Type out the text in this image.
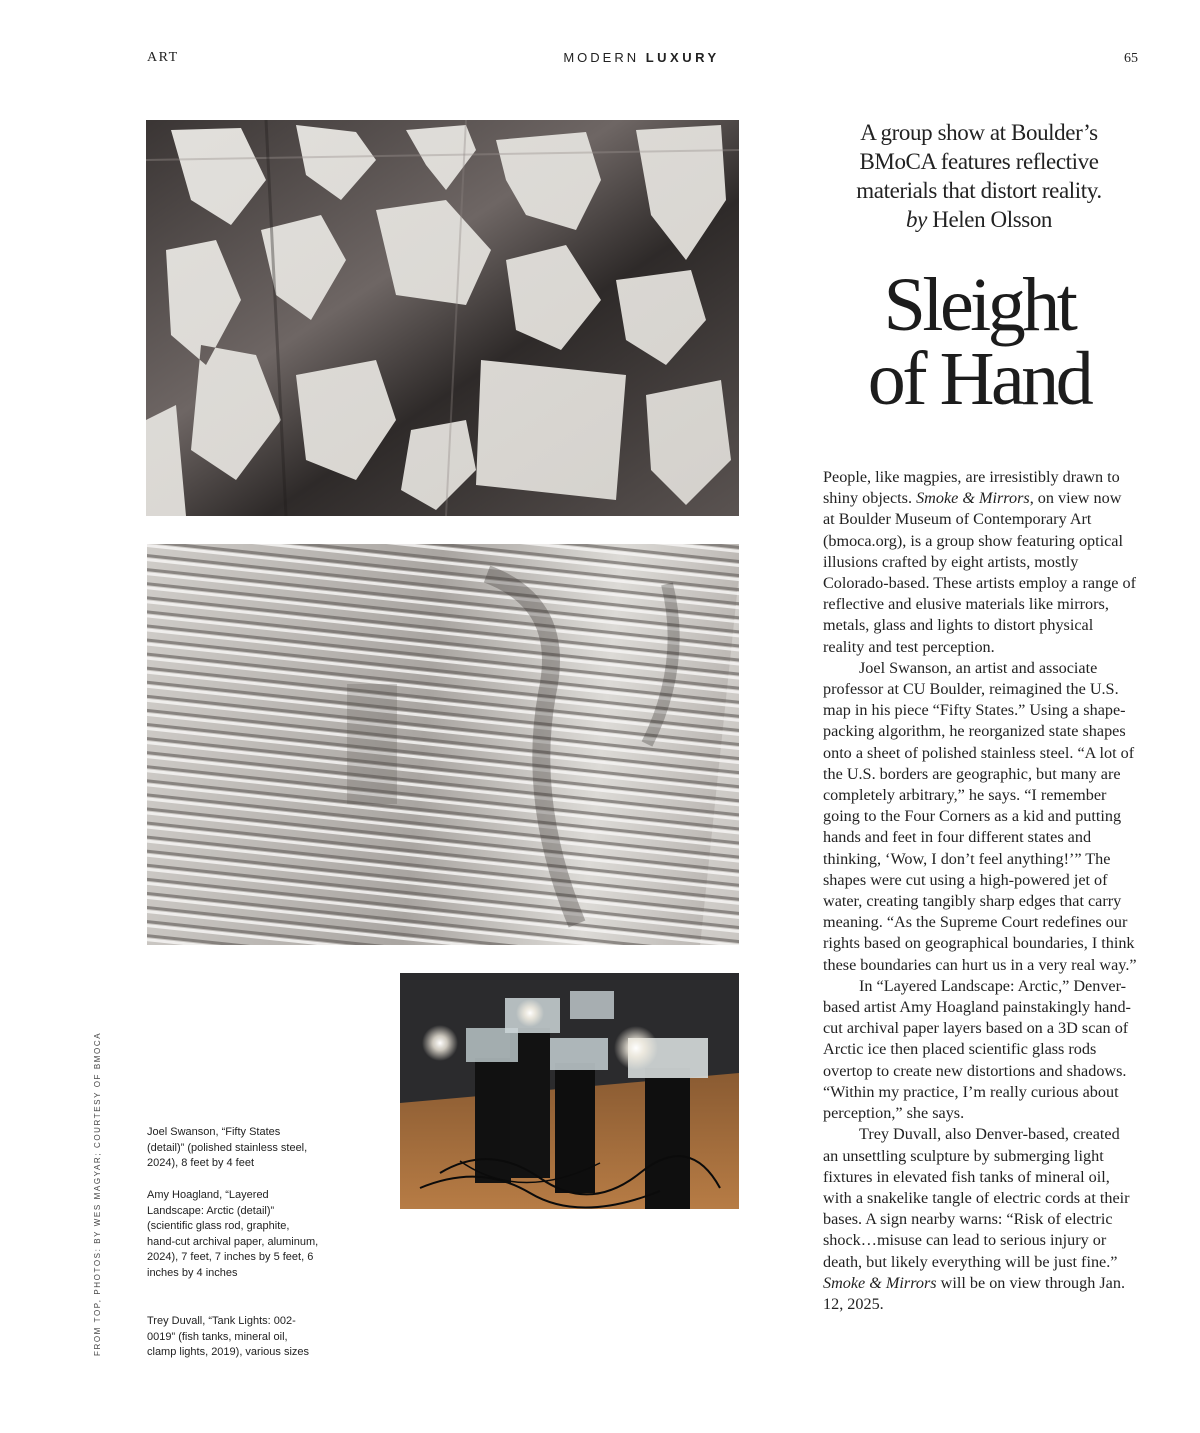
ART	MODERN LUXURY	65
FROM TOP, PHOTOS: BY WES MAGYAR; COURTESY OF BMOCA	Joel Swanson, “Fifty States (detail)” (polished stainless steel, 2024), 8 feet by 4 feet
Amy Hoagland, “Layered Landscape: Arctic (detail)” (scientific glass rod, graphite, hand-cut archival paper, aluminum, 2024), 7 feet, 7 inches by 5 feet, 6 inches by 4 inches
Trey Duvall, “Tank Lights: 002-0019” (fish tanks, mineral oil, clamp lights, 2019), various sizes
A group show at Boulder’s BMoCA features reflective materials that distort reality.
by Helen Olsson
Sleight
of Hand

People, like magpies, are irresistibly drawn to shiny objects. Smoke & Mirrors, on view now at Boulder Museum of Contemporary Art (bmoca.org), is a group show featuring optical illusions crafted by eight artists, mostly Colorado-based. These artists employ a range of reflective and elusive materials like mirrors, metals, glass and lights to distort physical reality and test perception.

Joel Swanson, an artist and associate professor at CU Boulder, reimagined the U.S. map in his piece “Fifty States.” Using a shape-packing algorithm, he reorganized state shapes onto a sheet of polished stainless steel. “A lot of the U.S. borders are geographic, but many are completely arbitrary,” he says. “I remember going to the Four Corners as a kid and putting hands and feet in four different states and thinking, ‘Wow, I don’t feel anything!’” The shapes were cut using a high-powered jet of water, creating tangibly sharp edges that carry meaning. “As the Supreme Court redefines our rights based on geographical boundaries, I think these boundaries can hurt us in a very real way.”

In “Layered Landscape: Arctic,” Denver-based artist Amy Hoagland painstakingly hand-cut archival paper layers based on a 3D scan of Arctic ice then placed scientific glass rods overtop to create new distortions and shadows. “Within my practice, I’m really curious about perception,” she says.

Trey Duvall, also Denver-based, created an unsettling sculpture by submerging light fixtures in elevated fish tanks of mineral oil, with a snakelike tangle of electric cords at their bases. A sign nearby warns: “Risk of electric shock…misuse can lead to serious injury or death, but likely everything will be just fine.” Smoke & Mirrors will be on view through Jan. 12, 2025.
